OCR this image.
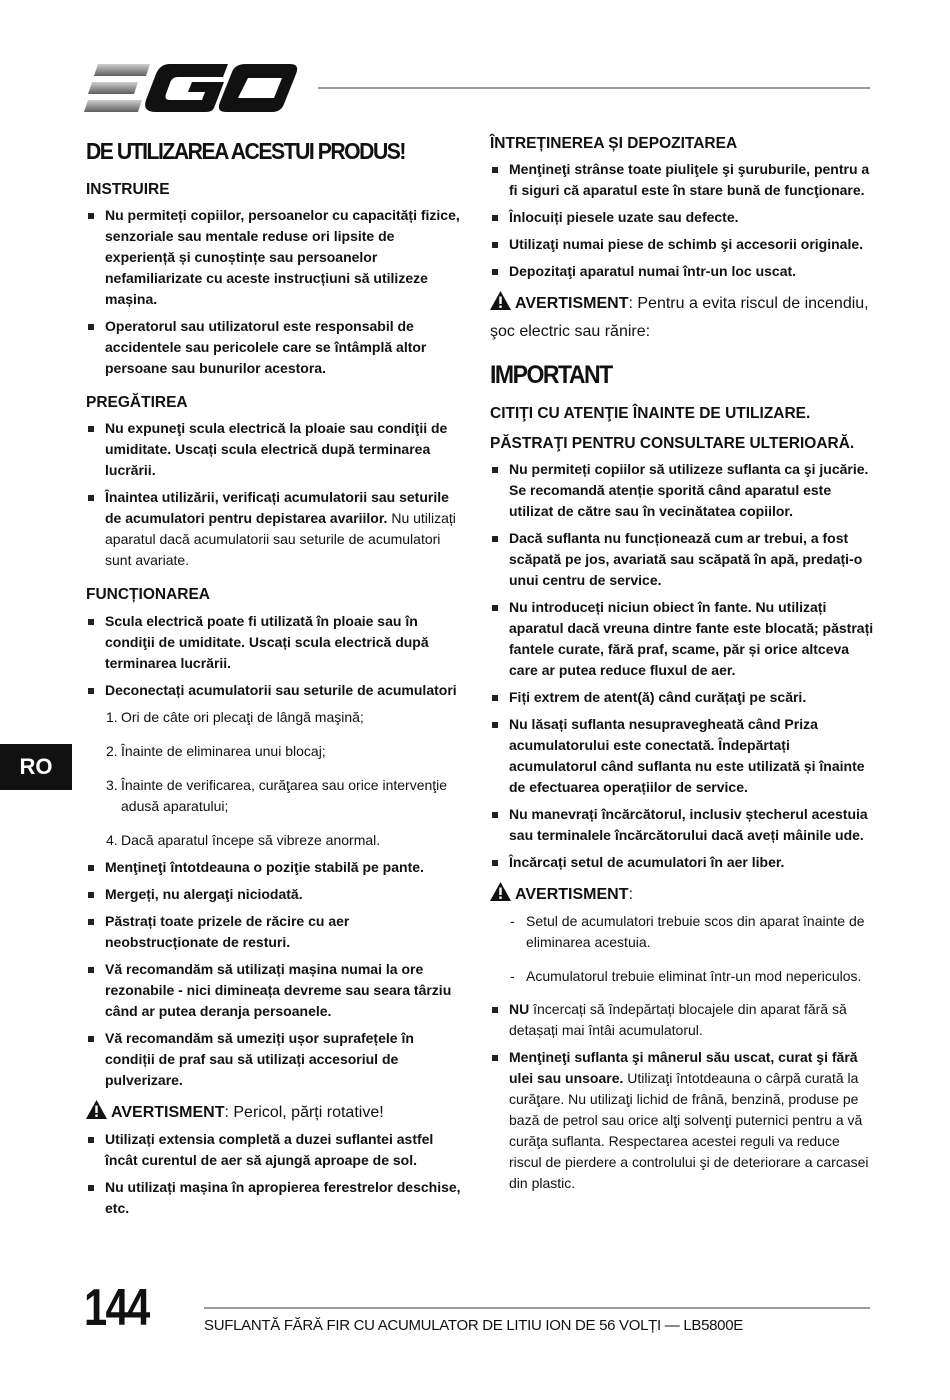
DE UTILIZAREA ACESTUI PRODUS!
INSTRUIRE
Nu permiteți copiilor, persoanelor cu capacități fizice, senzoriale sau mentale reduse ori lipsite de experiență și cunoștințe sau persoanelor nefamiliarizate cu aceste instrucțiuni să utilizeze mașina.
Operatorul sau utilizatorul este responsabil de accidentele sau pericolele care se întâmplă altor persoane sau bunurilor acestora.
PREGĂTIREA
Nu expuneţi scula electrică la ploaie sau condiţii de umiditate. Uscați scula electrică după terminarea lucrării.
Înaintea utilizării, verificați acumulatorii sau seturile de acumulatori pentru depistarea avariilor. Nu utilizați aparatul dacă acumulatorii sau seturile de acumulatori sunt avariate.
FUNCȚIONAREA
Scula electrică poate fi utilizată în ploaie sau în condiţii de umiditate. Uscați scula electrică după terminarea lucrării.
Deconectați acumulatorii sau seturile de acumulatori
1. Ori de câte ori plecaţi de lângă maşină;
2. Înainte de eliminarea unui blocaj;
3. Înainte de verificarea, curăţarea sau orice intervenţie
adusă aparatului;
4. Dacă aparatul începe să vibreze anormal.
Menţineţi întotdeauna o poziţie stabilă pe pante.
Mergeți, nu alergaţi niciodată.
Păstrați toate prizele de răcire cu aer neobstrucționate de resturi.
Vă recomandăm să utilizați mașina numai la ore rezonabile - nici dimineața devreme sau seara târziu când ar putea deranja persoanele.
Vă recomandăm să umeziți ușor suprafețele în condiții de praf sau să utilizați accesoriul de pulverizare.

AVERTISMENT: Pericol, părți rotative!

Utilizați extensia completă a duzei suflantei astfel încât curentul de aer să ajungă aproape de sol.
Nu utilizați mașina în apropierea ferestrelor deschise, etc.
ÎNTREȚINEREA ȘI DEPOZITAREA
Menţineţi strânse toate piuliţele şi şuruburile, pentru a fi siguri că aparatul este în stare bună de funcţionare.
Înlocuiți piesele uzate sau defecte.
Utilizaţi numai piese de schimb şi accesorii originale.
Depozitaţi aparatul numai într-un loc uscat.

AVERTISMENT: Pentru a evita riscul de incendiu, şoc electric sau rănire:

IMPORTANT
CITIŢI CU ATENŢIE ÎNAINTE DE UTILIZARE.
PĂSTRAŢI PENTRU CONSULTARE ULTERIOARĂ.
Nu permiteți copiilor să utilizeze suflanta ca şi jucărie. Se recomandă atenție sporită când aparatul este utilizat de către sau în vecinătatea copiilor.
Dacă suflanta nu funcționează cum ar trebui, a fost scăpată pe jos, avariată sau scăpată în apă, predați-o unui centru de service.
Nu introduceți niciun obiect în fante. Nu utilizați aparatul dacă vreuna dintre fante este blocată; păstrați fantele curate, fără praf, scame, păr și orice altceva care ar putea reduce fluxul de aer.
Fiți extrem de atent(ă) când curățaţi pe scări.
Nu lăsați suflanta nesupravegheată când Priza acumulatorului este conectată. Îndepărtați acumulatorul când suflanta nu este utilizată și înainte de efectuarea operațiilor de service.
Nu manevrați încărcătorul, inclusiv ștecherul acestuia sau terminalele încărcătorului dacă aveți mâinile ude.
Încărcați setul de acumulatori în aer liber.

AVERTISMENT:

- Setul de acumulatori trebuie scos din aparat înainte de eliminarea acestuia.
- Acumulatorul trebuie eliminat într-un mod nepericulos.
NU încercați să îndepărtați blocajele din aparat fără să detașați mai întâi acumulatorul.
Menţineţi suflanta şi mânerul său uscat, curat şi fără ulei sau unsoare. Utilizaţi întotdeauna o cârpă curată la curăţare. Nu utilizaţi lichid de frână, benzină, produse pe bază de petrol sau orice alţi solvenţi puternici pentru a vă curăţa suflanta. Respectarea acestei reguli va reduce riscul de pierdere a controlului şi de deteriorare a carcasei din plastic.
RO
144	SUFLANTĂ FĂRĂ FIR CU ACUMULATOR DE LITIU ION DE 56 VOLȚI — LB5800E
